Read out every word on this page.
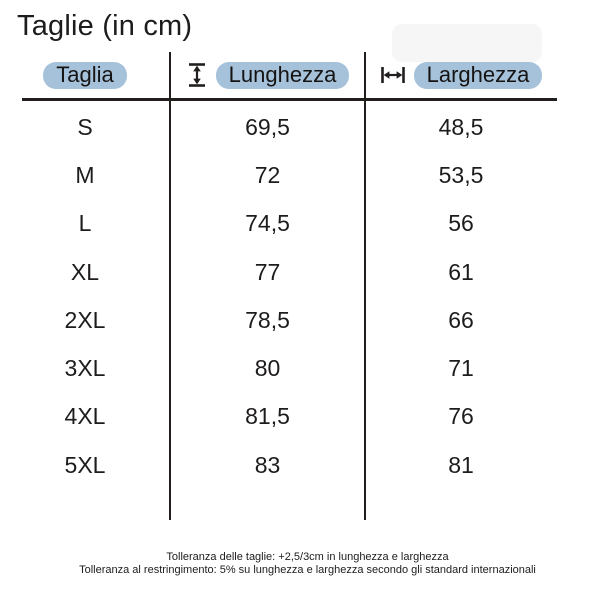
Taglie (in cm)
Taglia	Lunghezza	Larghezza
S	69,5	48,5
M	72	53,5
L	74,5	56
XL	77	61
2XL	78,5	66
3XL	80	71
4XL	81,5	76
5XL	83	81
Tolleranza delle taglie: +2,5/3cm in lunghezza e larghezza
Tolleranza al restringimento: 5% su lunghezza e larghezza secondo gli standard internazionali
